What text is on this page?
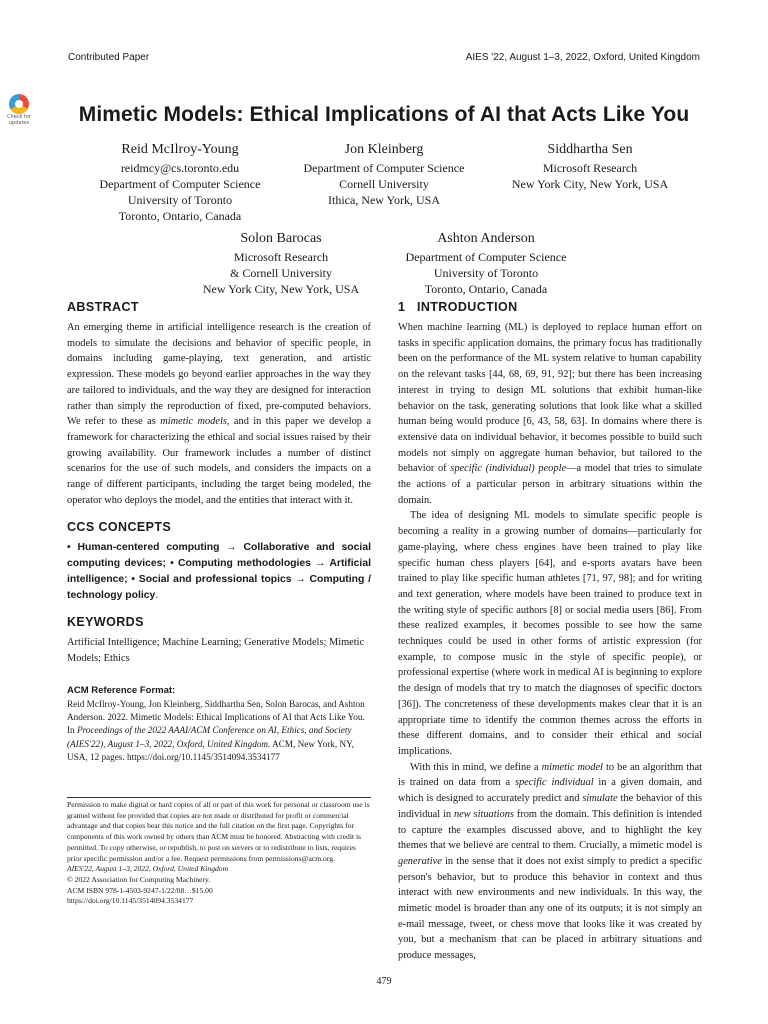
Contributed Paper	AIES '22, August 1–3, 2022, Oxford, United Kingdom
Check for
updates	Mimetic Models: Ethical Implications of AI that Acts Like You
Reid McIlroy-Young
reidmcy@cs.toronto.edu
Department of Computer Science
University of Toronto
Toronto, Ontario, Canada
Jon Kleinberg
Department of Computer Science
Cornell University
Ithica, New York, USA
Siddhartha Sen
Microsoft Research
New York City, New York, USA
Solon Barocas
Microsoft Research
& Cornell University
New York City, New York, USA
Ashton Anderson
Department of Computer Science
University of Toronto
Toronto, Ontario, Canada
ABSTRACT

An emerging theme in artificial intelligence research is the creation of models to simulate the decisions and behavior of specific people, in domains including game-playing, text generation, and artistic expression. These models go beyond earlier approaches in the way they are tailored to individuals, and the way they are designed for interaction rather than simply the reproduction of fixed, pre-computed behaviors. We refer to these as mimetic models, and in this paper we develop a framework for characterizing the ethical and social issues raised by their growing availability. Our framework includes a number of distinct scenarios for the use of such models, and considers the impacts on a range of different participants, including the target being modeled, the operator who deploys the model, and the entities that interact with it.

CCS CONCEPTS

• Human-centered computing → Collaborative and social computing devices; • Computing methodologies → Artificial intelligence; • Social and professional topics → Computing / technology policy.

KEYWORDS

Artificial Intelligence; Machine Learning; Generative Models; Mimetic Models; Ethics

ACM Reference Format:

Reid McIlroy-Young, Jon Kleinberg, Siddhartha Sen, Solon Barocas, and Ashton Anderson. 2022. Mimetic Models: Ethical Implications of AI that Acts Like You. In Proceedings of the 2022 AAAI/ACM Conference on AI, Ethics, and Society (AIES'22), August 1–3, 2022, Oxford, United Kingdom. ACM, New York, NY, USA, 12 pages. https://doi.org/10.1145/3514094.3534177

Permission to make digital or hard copies of all or part of this work for personal or classroom use is granted without fee provided that copies are not made or distributed for profit or commercial advantage and that copies bear this notice and the full citation on the first page. Copyrights for components of this work owned by others than ACM must be honored. Abstracting with credit is permitted. To copy otherwise, or republish, to post on servers or to redistribute to lists, requires prior specific permission and/or a fee. Request permissions from permissions@acm.org.
AIES'22, August 1–3, 2022, Oxford, United Kingdom
© 2022 Association for Computing Machinery.
ACM ISBN 978-1-4503-9247-1/22/08…$15.00
https://doi.org/10.1145/3514094.3534177
1   INTRODUCTION

When machine learning (ML) is deployed to replace human effort on tasks in specific application domains, the primary focus has traditionally been on the performance of the ML system relative to human capability on the relevant tasks [44, 68, 69, 91, 92]; but there has been increasing interest in trying to design ML solutions that exhibit human-like behavior on the task, generating solutions that look like what a skilled human being would produce [6, 43, 58, 63]. In domains where there is extensive data on individual behavior, it becomes possible to build such models not simply on aggregate human behavior, but tailored to the behavior of specific (individual) people—a model that tries to simulate the actions of a particular person in arbitrary situations within the domain.

The idea of designing ML models to simulate specific people is becoming a reality in a growing number of domains—particularly for game-playing, where chess engines have been trained to play like specific human chess players [64], and e-sports avatars have been trained to play like specific human athletes [71, 97, 98]; and for writing and text generation, where models have been trained to produce text in the writing style of specific authors [8] or social media users [86]. From these realized examples, it becomes possible to see how the same techniques could be used in other forms of artistic expression (for example, to compose music in the style of specific people), or professional expertise (where work in medical AI is beginning to explore the design of models that try to match the diagnoses of specific doctors [36]). The concreteness of these developments makes clear that it is an appropriate time to identify the common themes across the efforts in these different domains, and to consider their ethical and social implications.

With this in mind, we define a mimetic model to be an algorithm that is trained on data from a specific individual in a given domain, and which is designed to accurately predict and simulate the behavior of this individual in new situations from the domain. This definition is intended to capture the examples discussed above, and to highlight the key themes that we believe are central to them. Crucially, a mimetic model is generative in the sense that it does not exist simply to predict a specific person's behavior, but to produce this behavior in context and thus interact with new environments and new individuals. In this way, the mimetic model is broader than any one of its outputs; it is not simply an e-mail message, tweet, or chess move that looks like it was created by you, but a mechanism that can be placed in arbitrary situations and produce messages,

479
